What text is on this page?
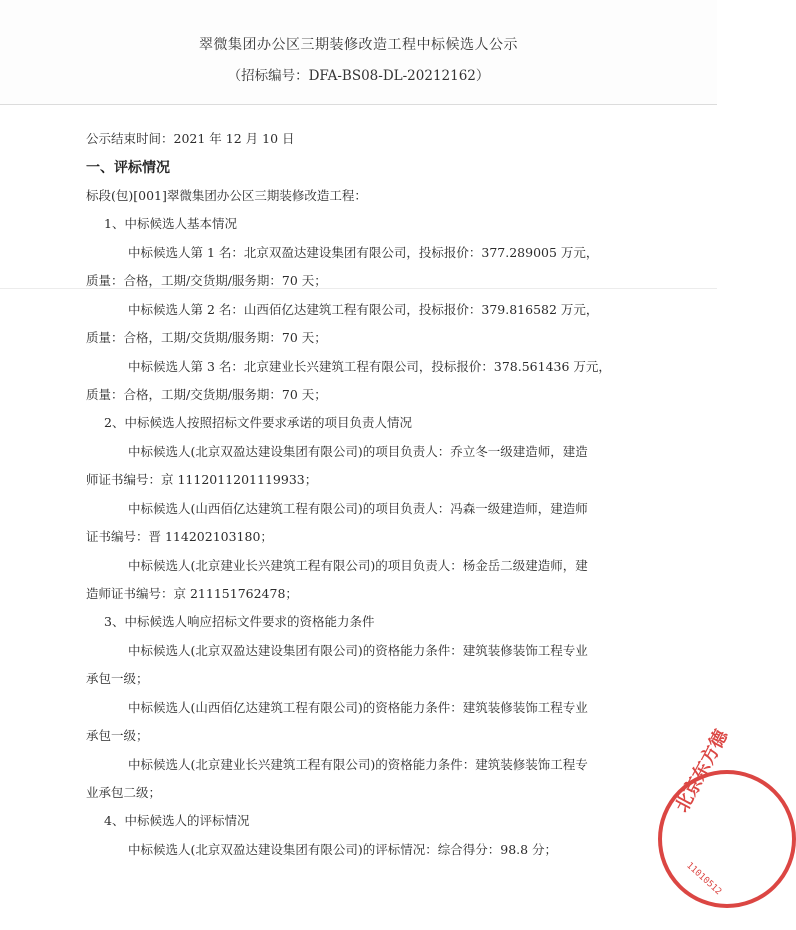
翠微集团办公区三期装修改造工程中标候选人公示
（招标编号：DFA-BS08-DL-20212162）
公示结束时间：2021 年 12 月 10 日
一、评标情况
标段(包)[001]翠微集团办公区三期装修改造工程：
1、中标候选人基本情况
中标候选人第 1 名：北京双盈达建设集团有限公司，投标报价：377.289005 万元，
质量：合格，工期/交货期/服务期：70 天；
中标候选人第 2 名：山西佰亿达建筑工程有限公司，投标报价：379.816582 万元，
质量：合格，工期/交货期/服务期：70 天；
中标候选人第 3 名：北京建业长兴建筑工程有限公司，投标报价：378.561436 万元，
质量：合格，工期/交货期/服务期：70 天；
2、中标候选人按照招标文件要求承诺的项目负责人情况
中标候选人(北京双盈达建设集团有限公司)的项目负责人：乔立冬一级建造师，建造
师证书编号：京 1112011201119933；
中标候选人(山西佰亿达建筑工程有限公司)的项目负责人：冯森一级建造师，建造师
证书编号：晋 114202103180；
中标候选人(北京建业长兴建筑工程有限公司)的项目负责人：杨金岳二级建造师，建
造师证书编号：京 211151762478；
3、中标候选人响应招标文件要求的资格能力条件
中标候选人(北京双盈达建设集团有限公司)的资格能力条件：建筑装修装饰工程专业
承包一级；
中标候选人(山西佰亿达建筑工程有限公司)的资格能力条件：建筑装修装饰工程专业
承包一级；
中标候选人(北京建业长兴建筑工程有限公司)的资格能力条件：建筑装修装饰工程专
业承包二级；
4、中标候选人的评标情况
中标候选人(北京双盈达建设集团有限公司)的评标情况：综合得分：98.8 分；
北京东方德
11010512
